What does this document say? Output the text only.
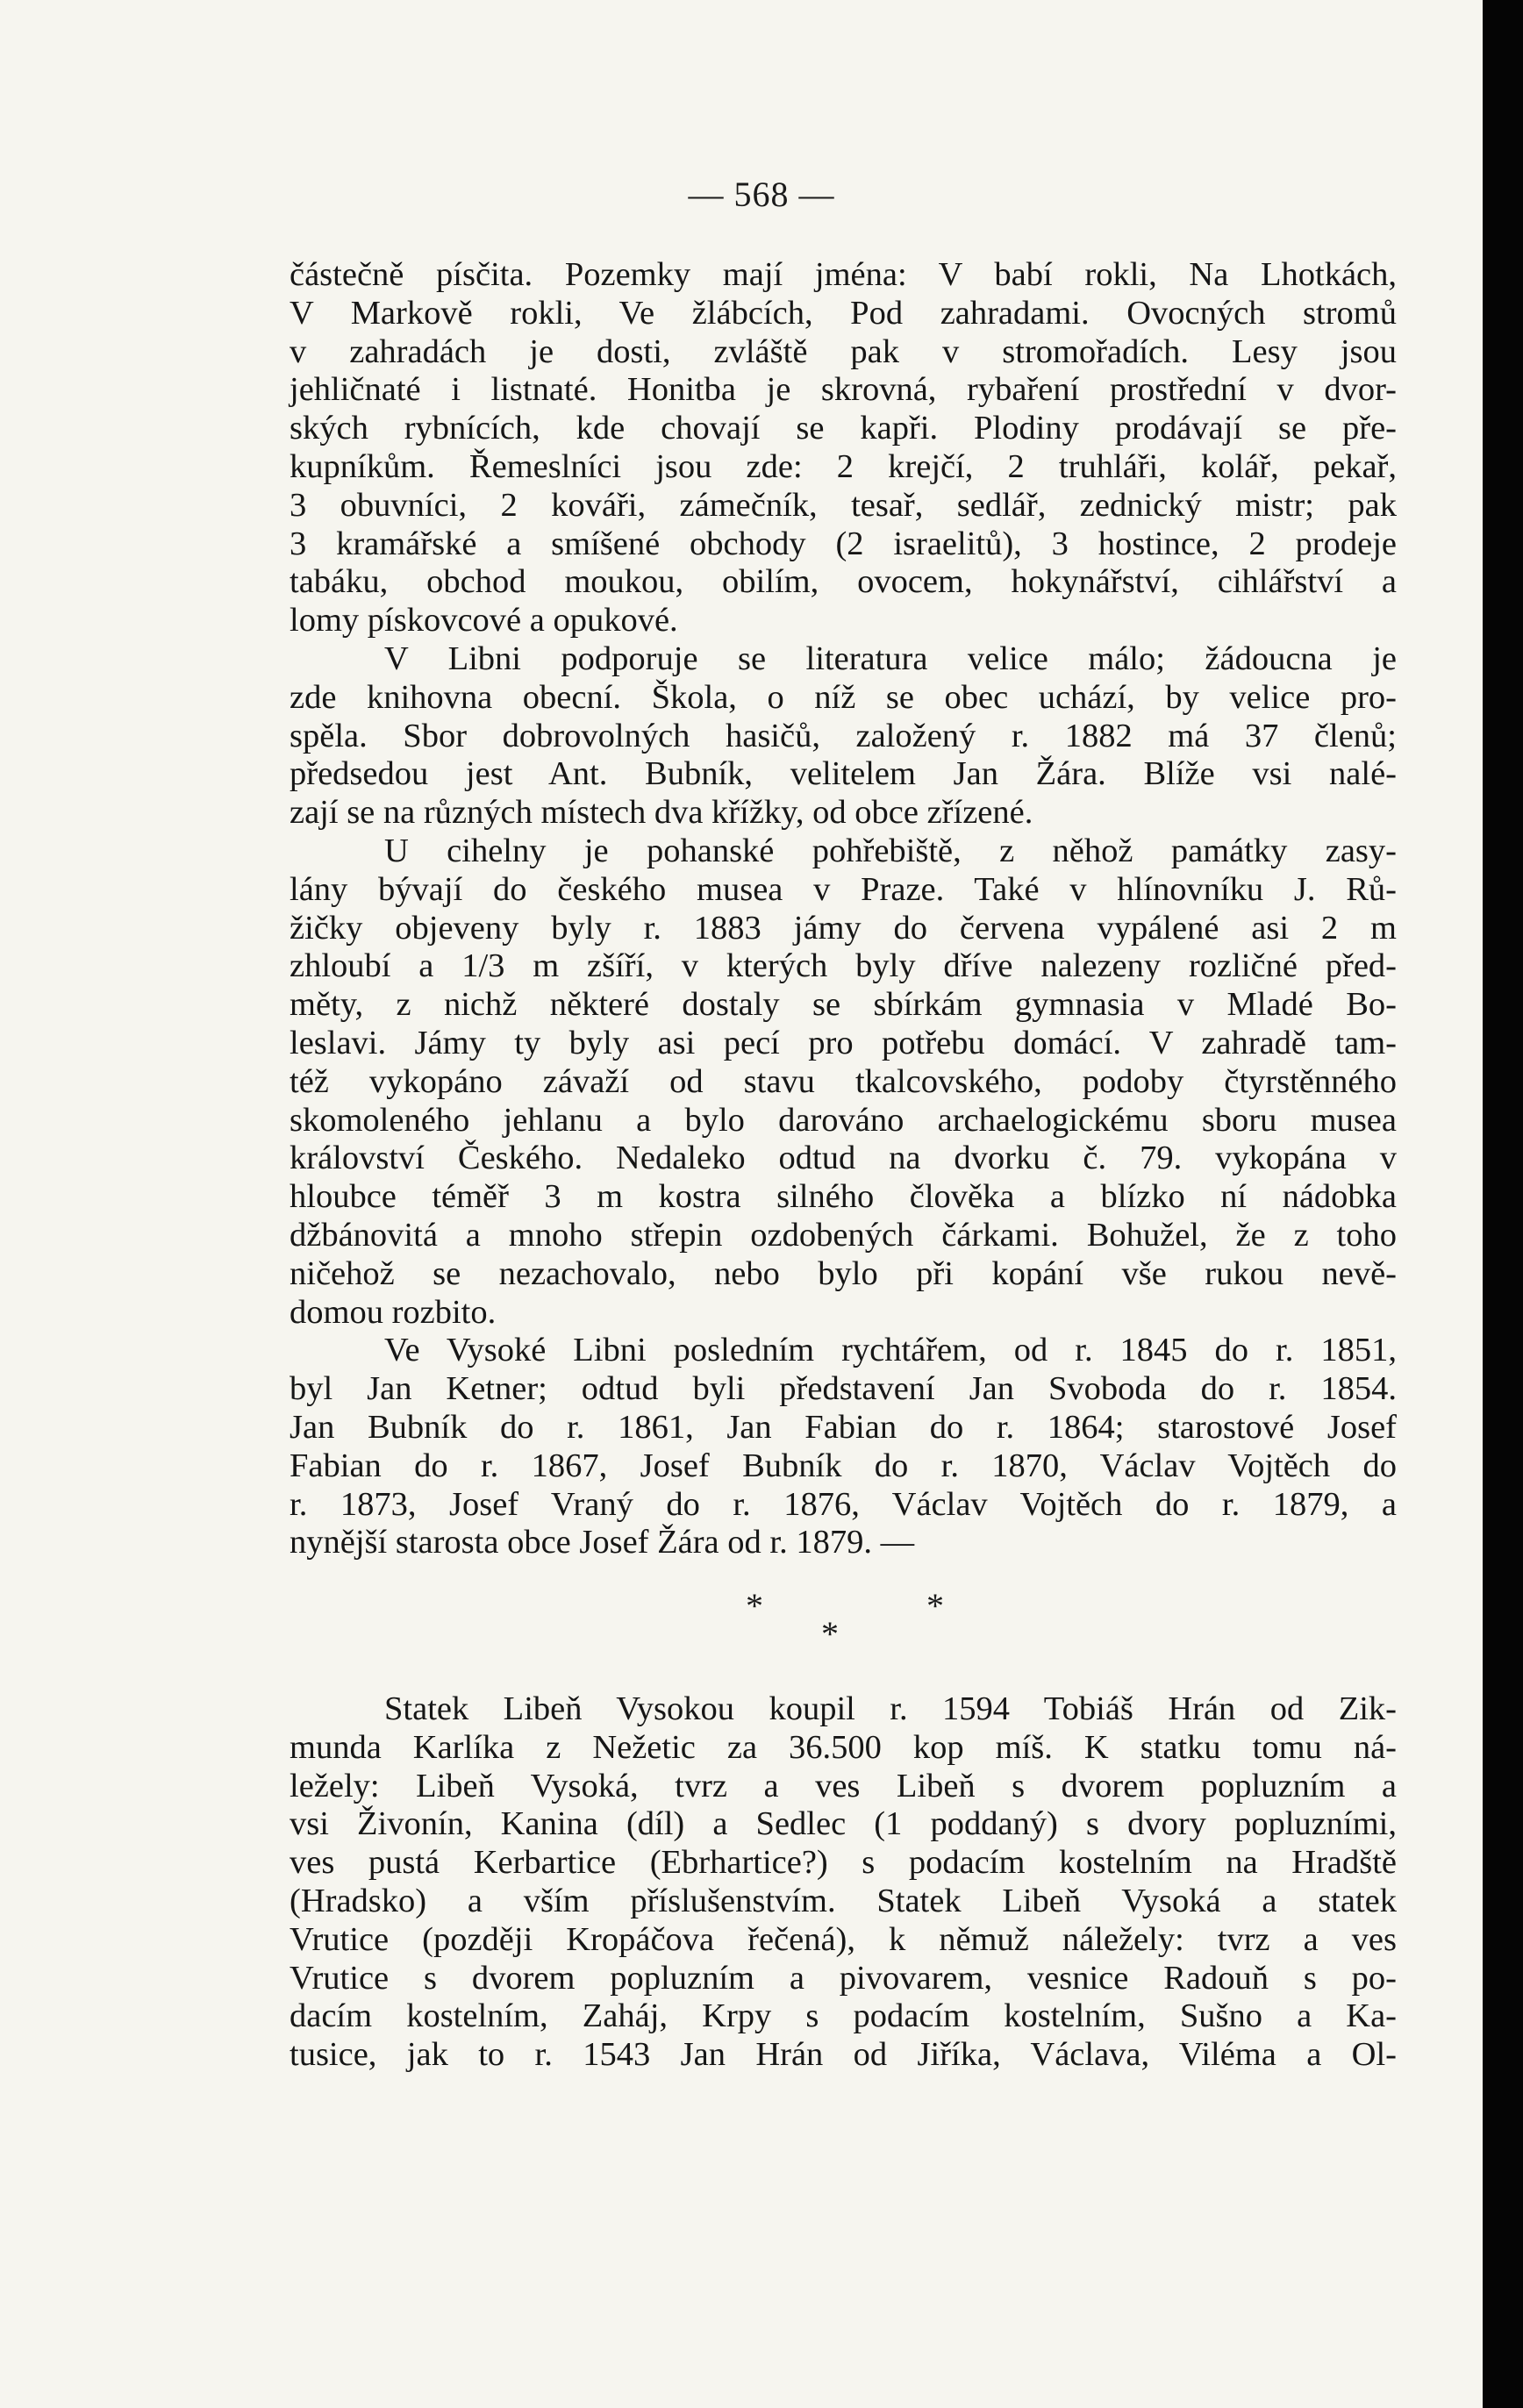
— 568 —
částečně písčita. Pozemky mají jména: V babí rokli, Na Lhotkách,
V Markově rokli, Ve žlábcích, Pod zahradami. Ovocných stromů
v zahradách je dosti, zvláště pak v stromořadích. Lesy jsou
jehličnaté i listnaté. Honitba je skrovná, rybaření prostřední v dvor-
ských rybnících, kde chovají se kapři. Plodiny prodávají se pře-
kupníkům. Řemeslníci jsou zde: 2 krejčí, 2 truhláři, kolář, pekař,
3 obuvníci, 2 kováři, zámečník, tesař, sedlář, zednický mistr; pak
3 kramářské a smíšené obchody (2 israelitů), 3 hostince, 2 prodeje
tabáku, obchod moukou, obilím, ovocem, hokynářství, cihlářství a
lomy pískovcové a opukové.
V Libni podporuje se literatura velice málo; žádoucna je
zde knihovna obecní. Škola, o níž se obec uchází, by velice pro-
spěla. Sbor dobrovolných hasičů, založený r. 1882 má 37 členů;
předsedou jest Ant. Bubník, velitelem Jan Žára. Blíže vsi nalé-
zají se na různých místech dva křížky, od obce zřízené.
U cihelny je pohanské pohřebiště, z něhož památky zasy-
lány bývají do českého musea v Praze. Také v hlínovníku J. Rů-
žičky objeveny byly r. 1883 jámy do červena vypálené asi 2 m
zhloubí a 1/3 m zšíří, v kterých byly dříve nalezeny rozličné před-
měty, z nichž některé dostaly se sbírkám gymnasia v Mladé Bo-
leslavi. Jámy ty byly asi pecí pro potřebu domácí. V zahradě tam-
též vykopáno závaží od stavu tkalcovského, podoby čtyrstěnného
skomoleného jehlanu a bylo darováno archaelogickému sboru musea
království Českého. Nedaleko odtud na dvorku č. 79. vykopána v
hloubce téměř 3 m kostra silného člověka a blízko ní nádobka
džbánovitá a mnoho střepin ozdobených čárkami. Bohužel, že z toho
ničehož se nezachovalo, nebo bylo při kopání vše rukou nevě-
domou rozbito.
Ve Vysoké Libni posledním rychtářem, od r. 1845 do r. 1851,
byl Jan Ketner; odtud byli představení Jan Svoboda do r. 1854.
Jan Bubník do r. 1861, Jan Fabian do r. 1864; starostové Josef
Fabian do r. 1867, Josef Bubník do r. 1870, Václav Vojtěch do
r. 1873, Josef Vraný do r. 1876, Václav Vojtěch do r. 1879, a
nynější starosta obce Josef Žára od r. 1879. —
*
*
*
Statek Libeň Vysokou koupil r. 1594 Tobiáš Hrán od Zik-
munda Karlíka z Nežetic za 36.500 kop míš. K statku tomu ná-
ležely: Libeň Vysoká, tvrz a ves Libeň s dvorem popluzním a
vsi Živonín, Kanina (díl) a Sedlec (1 poddaný) s dvory popluzními,
ves pustá Kerbartice (Ebrhartice?) s podacím kostelním na Hradště
(Hradsko) a vším příslušenstvím. Statek Libeň Vysoká a statek
Vrutice (později Kropáčova řečená), k němuž náležely: tvrz a ves
Vrutice s dvorem popluzním a pivovarem, vesnice Radouň s po-
dacím kostelním, Zaháj, Krpy s podacím kostelním, Sušno a Ka-
tusice, jak to r. 1543 Jan Hrán od Jiříka, Václava, Viléma a Ol-
